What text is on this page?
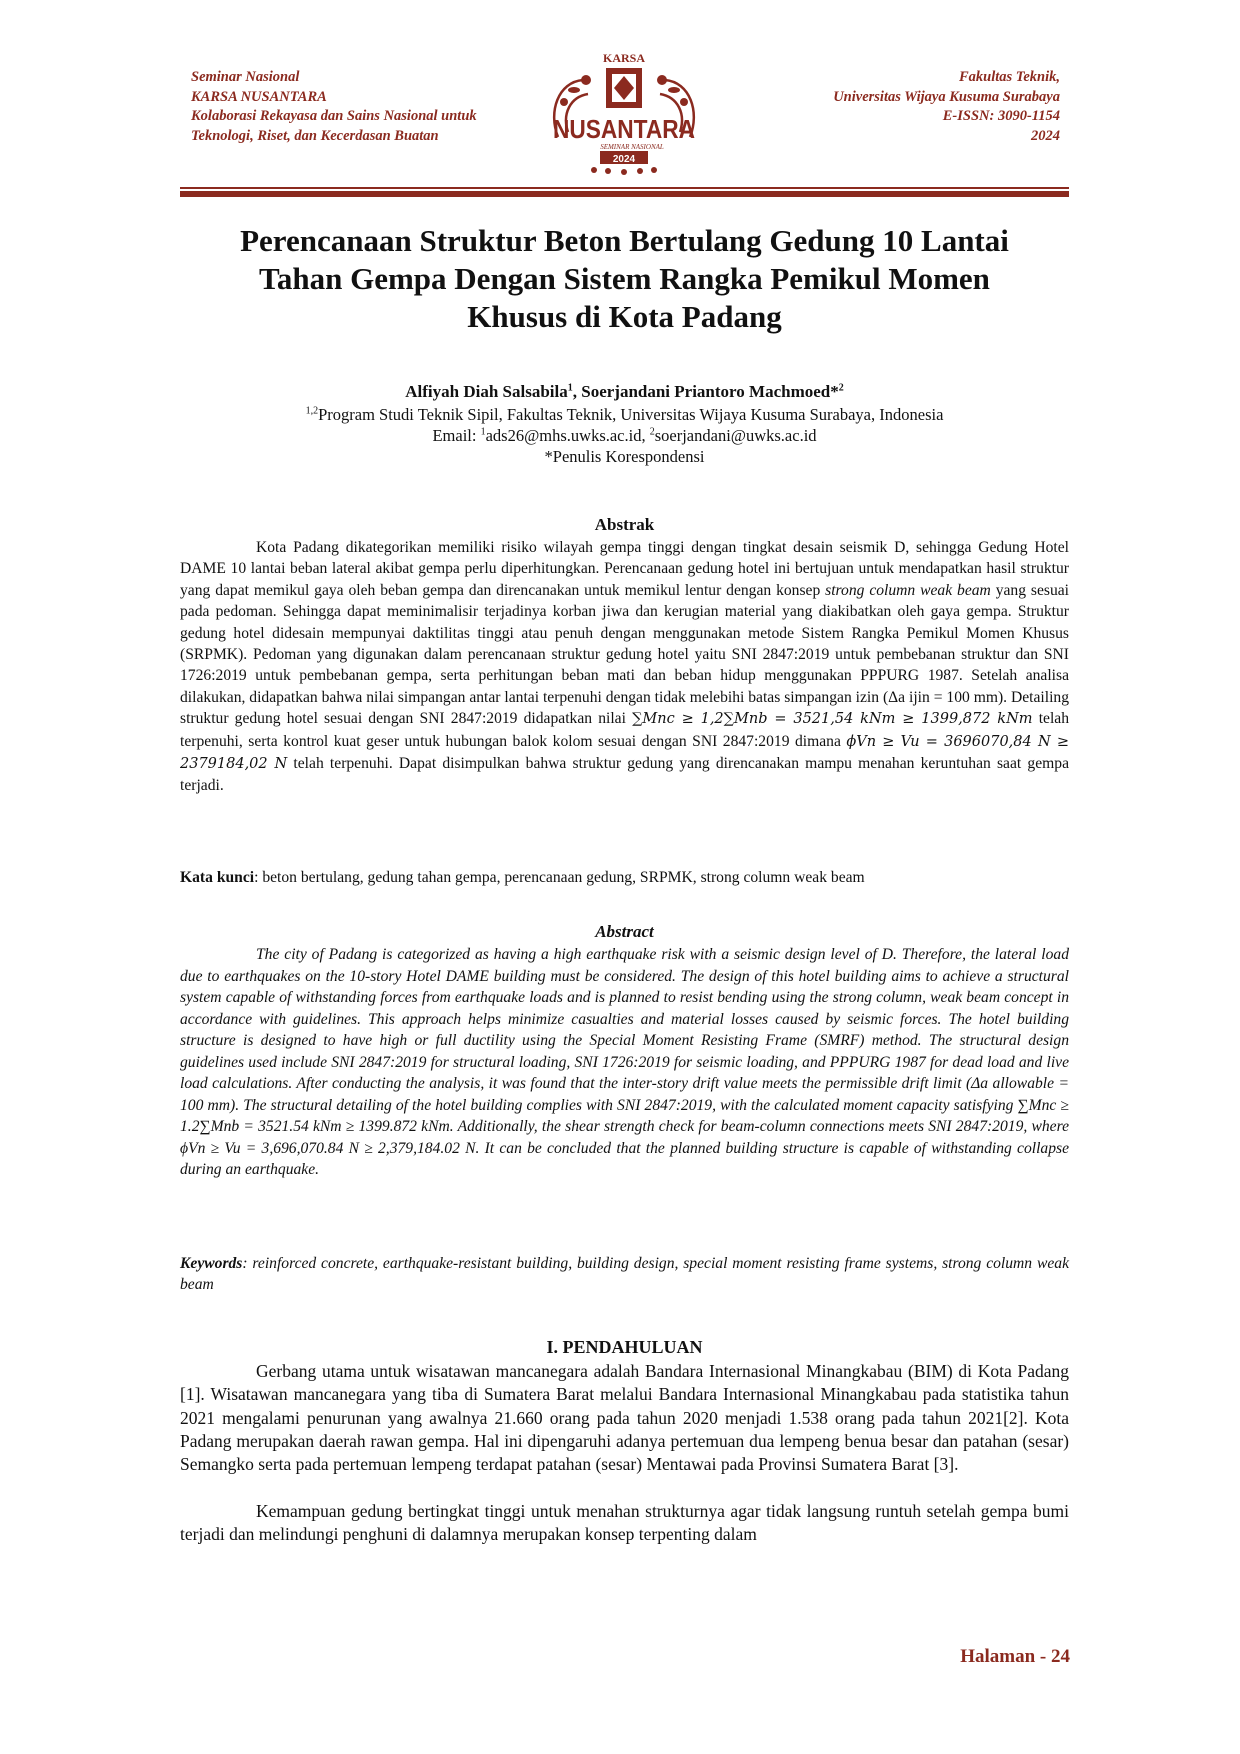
Seminar Nasional
KARSA NUSANTARA
Kolaborasi Rekayasa dan Sains Nasional untuk
Teknologi, Riset, dan Kecerdasan Buatan
KARSA
NUSANTARA
SEMINAR NASIONAL
2024
Fakultas Teknik,
Universitas Wijaya Kusuma Surabaya
E-ISSN: 3090-1154
2024
Perencanaan Struktur Beton Bertulang Gedung 10 Lantai
Tahan Gempa Dengan Sistem Rangka Pemikul Momen
Khusus di Kota Padang
Alfiyah Diah Salsabila$^1$, Soerjandani Priantoro Machmoed*$^2$
$^{1,2}$Program Studi Teknik Sipil, Fakultas Teknik, Universitas Wijaya Kusuma Surabaya, Indonesia
Email: $^1$ads26@mhs.uwks.ac.id, $^2$soerjandani@uwks.ac.id
*Penulis Korespondensi
Abstrak

Kota Padang dikategorikan memiliki risiko wilayah gempa tinggi dengan tingkat desain seismik D, sehingga Gedung Hotel DAME 10 lantai beban lateral akibat gempa perlu diperhitungkan. Perencanaan gedung hotel ini bertujuan untuk mendapatkan hasil struktur yang dapat memikul gaya oleh beban gempa dan direncanakan untuk memikul lentur dengan konsep strong column weak beam yang sesuai pada pedoman. Sehingga dapat meminimalisir terjadinya korban jiwa dan kerugian material yang diakibatkan oleh gaya gempa. Struktur gedung hotel didesain mempunyai daktilitas tinggi atau penuh dengan menggunakan metode Sistem Rangka Pemikul Momen Khusus (SRPMK). Pedoman yang digunakan dalam perencanaan struktur gedung hotel yaitu SNI 2847:2019 untuk pembebanan struktur dan SNI 1726:2019 untuk pembebanan gempa, serta perhitungan beban mati dan beban hidup menggunakan PPPURG 1987. Setelah analisa dilakukan, didapatkan bahwa nilai simpangan antar lantai terpenuhi dengan tidak melebihi batas simpangan izin (Δa ijin = 100 mm). Detailing struktur gedung hotel sesuai dengan SNI 2847:2019 didapatkan nilai ∑Mnc ≥ 1,2∑Mnb = 3521,54 kNm ≥ 1399,872 kNm telah terpenuhi, serta kontrol kuat geser untuk hubungan balok kolom sesuai dengan SNI 2847:2019 dimana ϕVn ≥ Vu = 3696070,84 N ≥ 2379184,02 N telah terpenuhi. Dapat disimpulkan bahwa struktur gedung yang direncanakan mampu menahan keruntuhan saat gempa terjadi.

Kata kunci: beton bertulang, gedung tahan gempa, perencanaan gedung, SRPMK, strong column weak beam
Abstract

The city of Padang is categorized as having a high earthquake risk with a seismic design level of D. Therefore, the lateral load due to earthquakes on the 10-story Hotel DAME building must be considered. The design of this hotel building aims to achieve a structural system capable of withstanding forces from earthquake loads and is planned to resist bending using the strong column, weak beam concept in accordance with guidelines. This approach helps minimize casualties and material losses caused by seismic forces. The hotel building structure is designed to have high or full ductility using the Special Moment Resisting Frame (SMRF) method. The structural design guidelines used include SNI 2847:2019 for structural loading, SNI 1726:2019 for seismic loading, and PPPURG 1987 for dead load and live load calculations. After conducting the analysis, it was found that the inter-story drift value meets the permissible drift limit (Δa allowable = 100 mm). The structural detailing of the hotel building complies with SNI 2847:2019, with the calculated moment capacity satisfying ∑Mnc ≥ 1.2∑Mnb = 3521.54 kNm ≥ 1399.872 kNm. Additionally, the shear strength check for beam-column connections meets SNI 2847:2019, where ϕVn ≥ Vu = 3,696,070.84 N ≥ 2,379,184.02 N. It can be concluded that the planned building structure is capable of withstanding collapse during an earthquake.

Keywords: reinforced concrete, earthquake-resistant building, building design, special moment resisting frame systems, strong column weak beam
I. PENDAHULUAN

Gerbang utama untuk wisatawan mancanegara adalah Bandara Internasional Minangkabau (BIM) di Kota Padang [1]. Wisatawan mancanegara yang tiba di Sumatera Barat melalui Bandara Internasional Minangkabau pada statistika tahun 2021 mengalami penurunan yang awalnya 21.660 orang pada tahun 2020 menjadi 1.538 orang pada tahun 2021[2]. Kota Padang merupakan daerah rawan gempa. Hal ini dipengaruhi adanya pertemuan dua lempeng benua besar dan patahan (sesar) Semangko serta pada pertemuan lempeng terdapat patahan (sesar) Mentawai pada Provinsi Sumatera Barat [3].

Kemampuan gedung bertingkat tinggi untuk menahan strukturnya agar tidak langsung runtuh setelah gempa bumi terjadi dan melindungi penghuni di dalamnya merupakan konsep terpenting dalam

Halaman - 24
